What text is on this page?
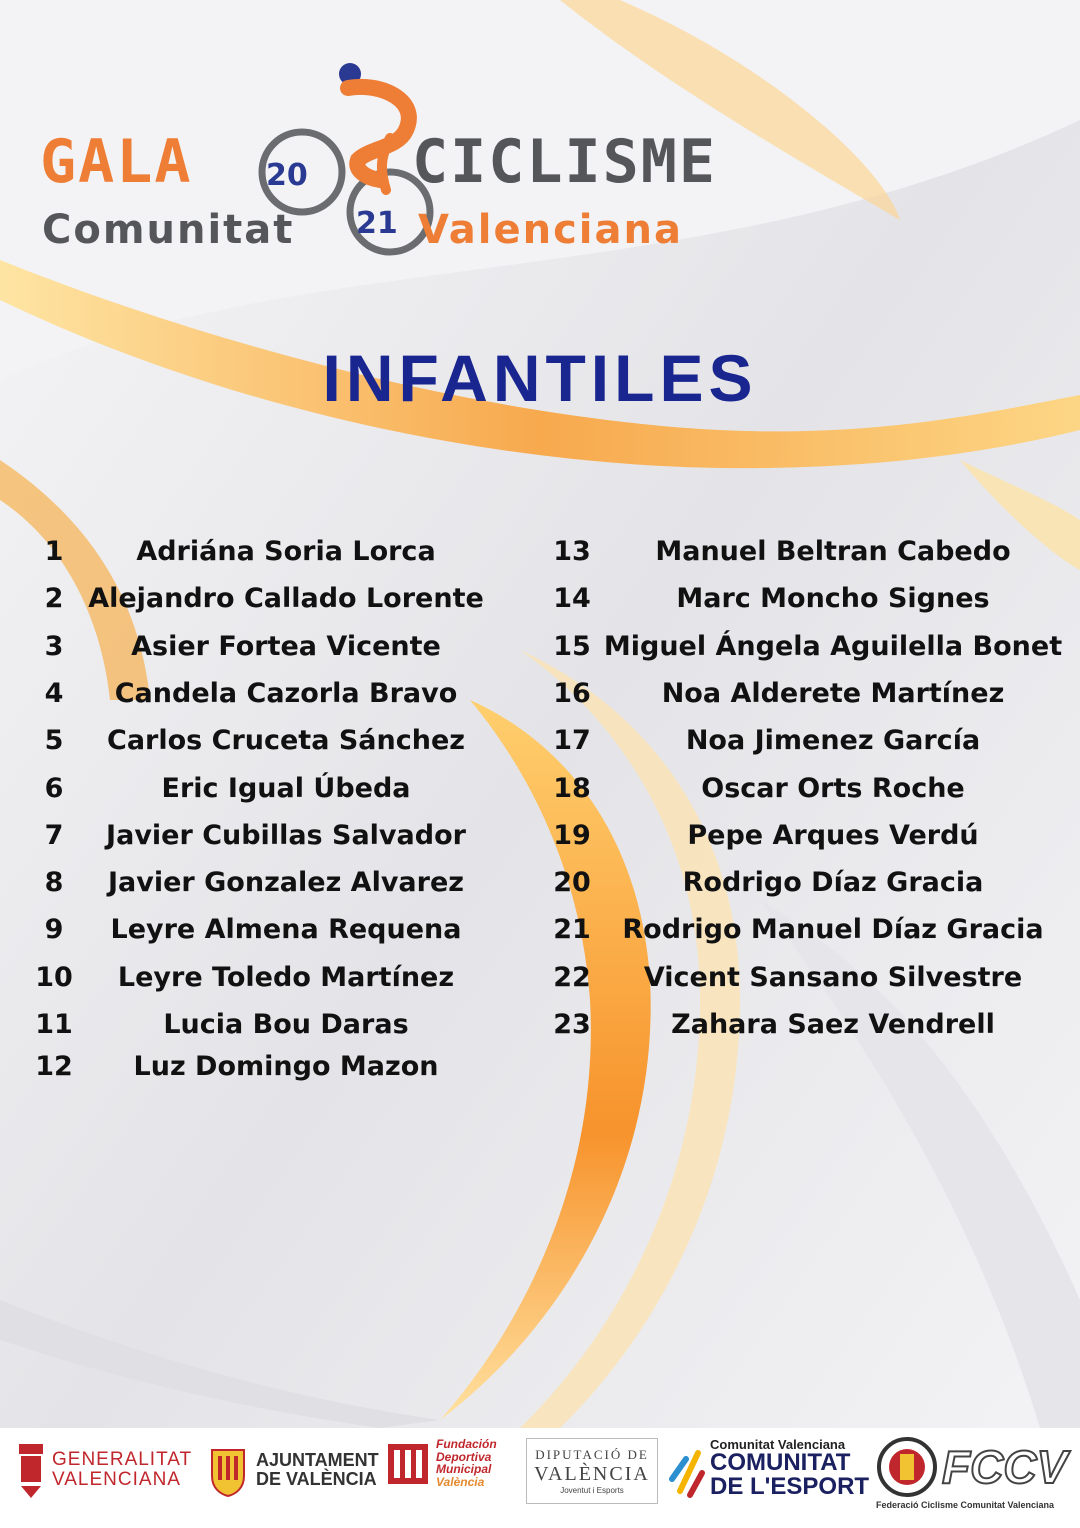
GALA	CICLISME
20
21
Comunitat	Valenciana
INFANTILES
1	Adriána Soria Lorca
2 Alejandro Callado Lorente
3	Asier Fortea Vicente
4	Candela Cazorla Bravo
5	Carlos Cruceta Sánchez
6	Eric Igual Úbeda
7	Javier Cubillas Salvador
8	Javier Gonzalez Alvarez
9	Leyre Almena Requena
10	Leyre Toledo Martínez
11	Lucia Bou Daras
12	Luz Domingo Mazon
13	Manuel Beltran Cabedo
14	Marc Moncho Signes
15 Miguel Ángela Aguilella Bonet
16	Noa Alderete Martínez
17	Noa Jimenez García
18	Oscar Orts Roche
19	Pepe Arques Verdú
20	Rodrigo Díaz Gracia
21	Rodrigo Manuel Díaz Gracia
22	Vicent Sansano Silvestre
23	Zahara Saez Vendrell
GENERALITAT
VALENCIANA
AJUNTAMENT
DE VALÈNCIA
Fundación
Deportiva
Municipal
València
DIPUTACIÓ DE
VALÈNCIA
Joventut i Esports
Comunitat Valenciana
COMUNITAT
DE L'ESPORT FCCV
Federació Ciclisme Comunitat Valenciana
